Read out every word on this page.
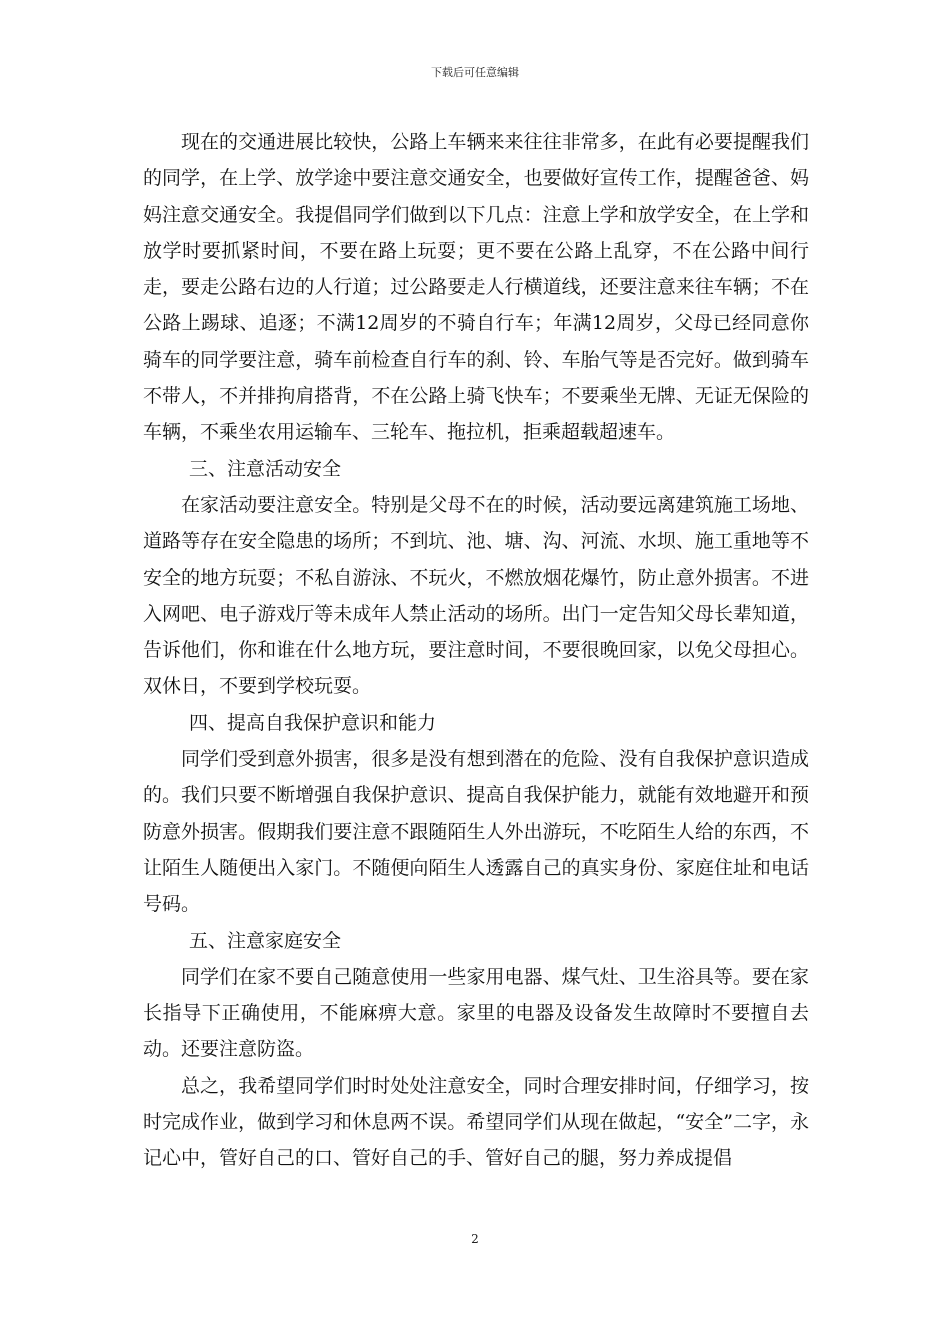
下载后可任意编辑

现在的交通进展比较快，公路上车辆来来往往非常多，在此有必要提醒我们的同学，在上学、放学途中要注意交通安全，也要做好宣传工作，提醒爸爸、妈妈注意交通安全。我提倡同学们做到以下几点：注意上学和放学安全，在上学和放学时要抓紧时间，不要在路上玩耍；更不要在公路上乱穿，不在公路中间行走，要走公路右边的人行道；过公路要走人行横道线，还要注意来往车辆；不在公路上踢球、追逐；不满12周岁的不骑自行车；年满12周岁，父母已经同意你骑车的同学要注意，骑车前检查自行车的刹、铃、车胎气等是否完好。做到骑车不带人，不并排拘肩搭背，不在公路上骑飞快车；不要乘坐无牌、无证无保险的车辆，不乘坐农用运输车、三轮车、拖拉机，拒乘超载超速车。

三、注意活动安全

在家活动要注意安全。特别是父母不在的时候，活动要远离建筑施工场地、道路等存在安全隐患的场所；不到坑、池、塘、沟、河流、水坝、施工重地等不安全的地方玩耍；不私自游泳、不玩火，不燃放烟花爆竹，防止意外损害。不进入网吧、电子游戏厅等未成年人禁止活动的场所。出门一定告知父母长辈知道，告诉他们，你和谁在什么地方玩，要注意时间，不要很晚回家，以免父母担心。双休日，不要到学校玩耍。

四、提高自我保护意识和能力

同学们受到意外损害，很多是没有想到潜在的危险、没有自我保护意识造成的。我们只要不断增强自我保护意识、提高自我保护能力，就能有效地避开和预防意外损害。假期我们要注意不跟随陌生人外出游玩，不吃陌生人给的东西，不让陌生人随便出入家门。不随便向陌生人透露自己的真实身份、家庭住址和电话号码。

五、注意家庭安全

同学们在家不要自己随意使用一些家用电器、煤气灶、卫生浴具等。要在家长指导下正确使用，不能麻痹大意。家里的电器及设备发生故障时不要擅自去动。还要注意防盗。

总之，我希望同学们时时处处注意安全，同时合理安排时间，仔细学习，按时完成作业，做到学习和休息两不误。希望同学们从现在做起，“安全”二字，永记心中，管好自己的口、管好自己的手、管好自己的腿，努力养成提倡

2
